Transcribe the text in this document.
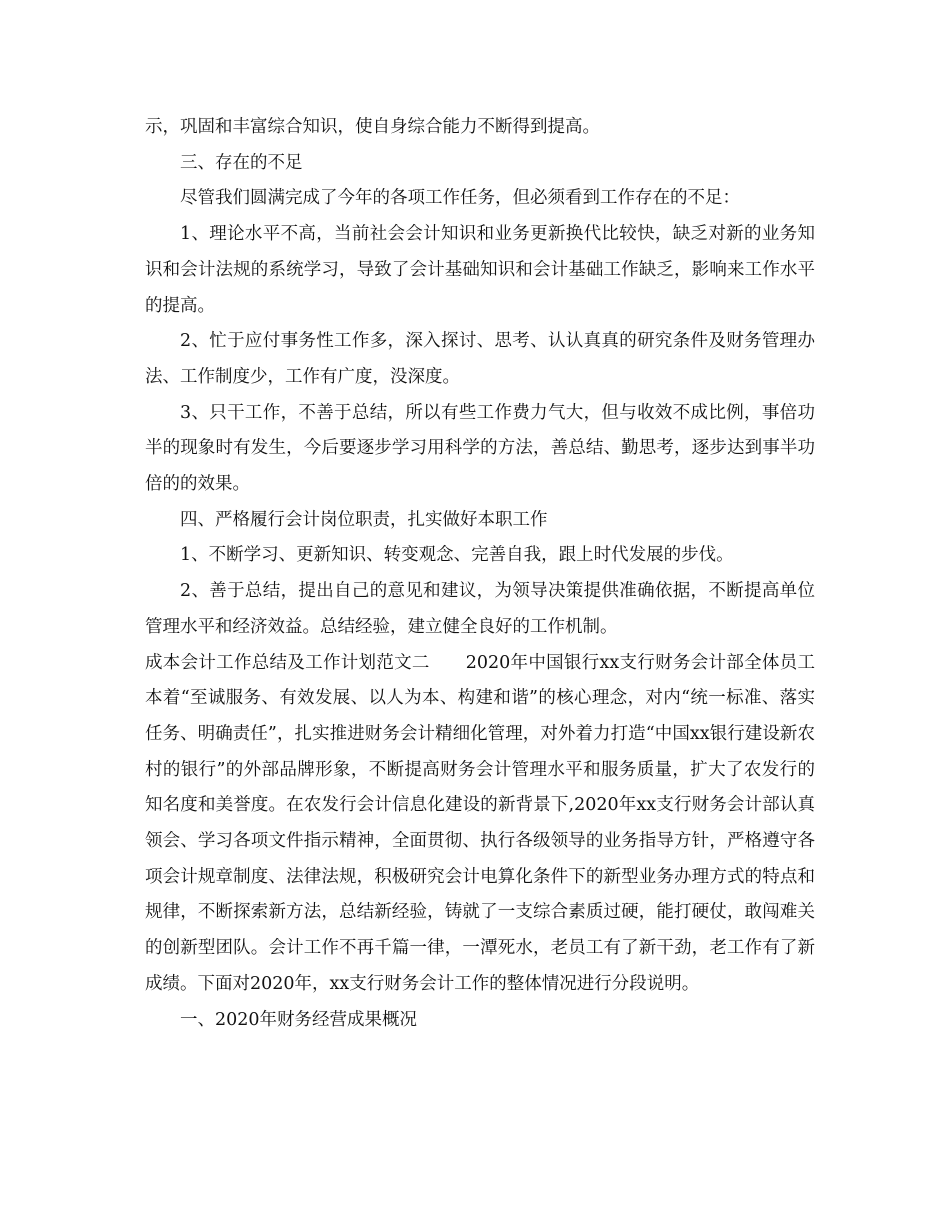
示，巩固和丰富综合知识，使自身综合能力不断得到提高。

三、存在的不足

尽管我们圆满完成了今年的各项工作任务，但必须看到工作存在的不足：

1、理论水平不高，当前社会会计知识和业务更新换代比较快，缺乏对新的业务知识和会计法规的系统学习，导致了会计基础知识和会计基础工作缺乏，影响来工作水平的提高。

2、忙于应付事务性工作多，深入探讨、思考、认认真真的研究条件及财务管理办法、工作制度少，工作有广度，没深度。

3、只干工作，不善于总结，所以有些工作费力气大，但与收效不成比例，事倍功半的现象时有发生，今后要逐步学习用科学的方法，善总结、勤思考，逐步达到事半功倍的的效果。

四、严格履行会计岗位职责，扎实做好本职工作

1、不断学习、更新知识、转变观念、完善自我，跟上时代发展的步伐。

2、善于总结，提出自己的意见和建议，为领导决策提供准确依据，不断提高单位管理水平和经济效益。总结经验，建立健全良好的工作机制。

成本会计工作总结及工作计划范文二 2020年中国银行xx支行财务会计部全体员工本着“至诚服务、有效发展、以人为本、构建和谐”的核心理念，对内“统一标准、落实任务、明确责任”，扎实推进财务会计精细化管理，对外着力打造“中国xx银行建设新农村的银行”的外部品牌形象，不断提高财务会计管理水平和服务质量，扩大了农发行的知名度和美誉度。在农发行会计信息化建设的新背景下,2020年xx支行财务会计部认真领会、学习各项文件指示精神，全面贯彻、执行各级领导的业务指导方针，严格遵守各项会计规章制度、法律法规，积极研究会计电算化条件下的新型业务办理方式的特点和规律，不断探索新方法，总结新经验，铸就了一支综合素质过硬，能打硬仗，敢闯难关的创新型团队。会计工作不再千篇一律，一潭死水，老员工有了新干劲，老工作有了新成绩。下面对2020年，xx支行财务会计工作的整体情况进行分段说明。

一、2020年财务经营成果概况
